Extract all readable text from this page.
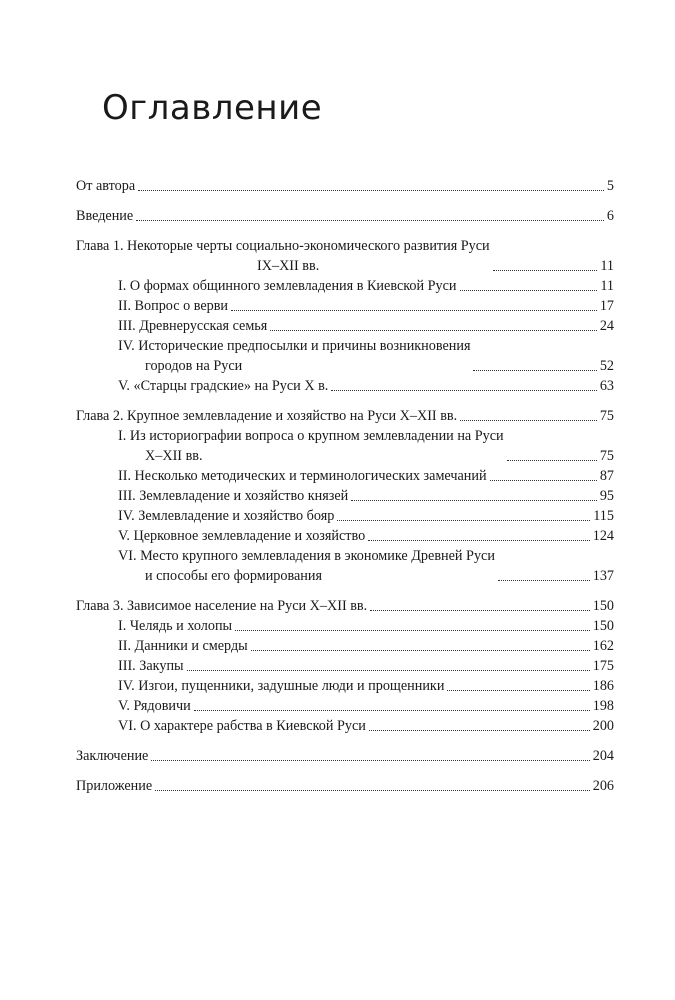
Оглавление
От автора	5
Введение	6
Глава 1. Некоторые черты социально-экономического развития Руси
IX–XII вв.	11
I. О формах общинного землевладения в Киевской Руси	11
II. Вопрос о верви	17
III. Древнерусская семья	24
IV. Исторические предпосылки и причины возникновения
городов на Руси	52
V. «Старцы градские» на Руси X в.	63
Глава 2. Крупное землевладение и хозяйство на Руси X–XII вв.	75
I. Из историографии вопроса о крупном землевладении на Руси
X–XII вв.	75
II. Несколько методических и терминологических замечаний	87
III. Землевладение и хозяйство князей	95
IV. Землевладение и хозяйство бояр	115
V. Церковное землевладение и хозяйство	124
VI. Место крупного землевладения в экономике Древней Руси
и способы его формирования	137
Глава 3. Зависимое население на Руси X–XII вв.	150
I. Челядь и холопы	150
II. Данники и смерды	162
III. Закупы	175
IV. Изгои, пущенники, задушные люди и прощенники	186
V. Рядовичи	198
VI. О характере рабства в Киевской Руси	200
Заключение	204
Приложение	206
